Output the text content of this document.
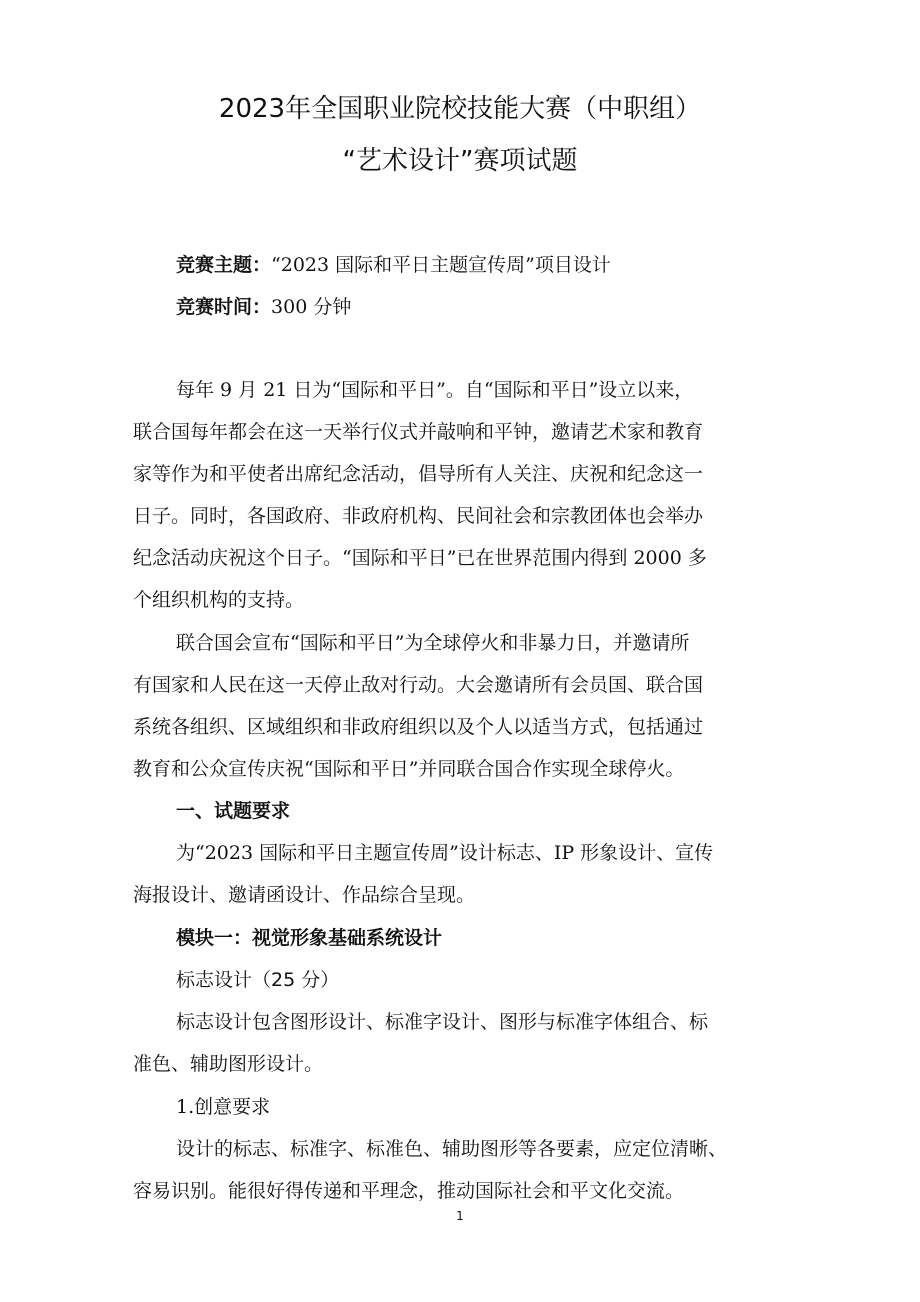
2023年全国职业院校技能大赛（中职组）
“艺术设计”赛项试题
竞赛主题：“2023 国际和平日主题宣传周”项目设计
竞赛时间：300 分钟
每年 9 月 21 日为“国际和平日”。自“国际和平日”设立以来，
联合国每年都会在这一天举行仪式并敲响和平钟，邀请艺术家和教育
家等作为和平使者出席纪念活动，倡导所有人关注、庆祝和纪念这一
日子。同时，各国政府、非政府机构、民间社会和宗教团体也会举办
纪念活动庆祝这个日子。“国际和平日”已在世界范围内得到 2000 多
个组织机构的支持。
联合国会宣布“国际和平日”为全球停火和非暴力日，并邀请所
有国家和人民在这一天停止敌对行动。大会邀请所有会员国、联合国
系统各组织、区域组织和非政府组织以及个人以适当方式，包括通过
教育和公众宣传庆祝“国际和平日”并同联合国合作实现全球停火。
一、试题要求
为“2023 国际和平日主题宣传周”设计标志、IP 形象设计、宣传
海报设计、邀请函设计、作品综合呈现。
模块一：视觉形象基础系统设计
标志设计（25 分）
标志设计包含图形设计、标准字设计、图形与标准字体组合、标
准色、辅助图形设计。
1.创意要求
设计的标志、标准字、标准色、辅助图形等各要素，应定位清晰、
容易识别。能很好得传递和平理念，推动国际社会和平文化交流。
1
